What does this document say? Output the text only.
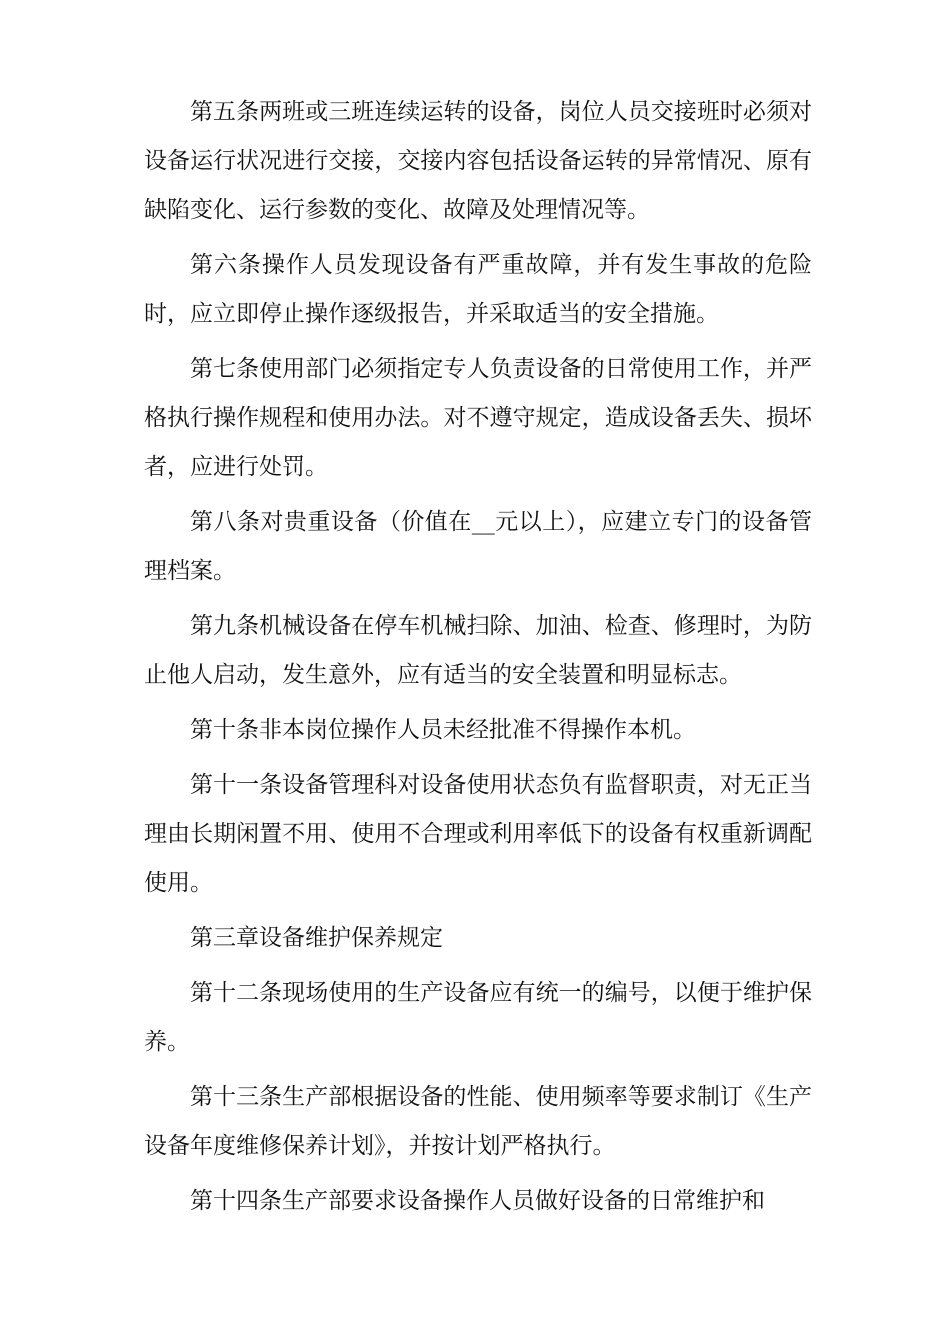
第五条两班或三班连续运转的设备，岗位人员交接班时必须对设备运行状况进行交接，交接内容包括设备运转的异常情况、原有缺陷变化、运行参数的变化、故障及处理情况等。

第六条操作人员发现设备有严重故障，并有发生事故的危险时，应立即停止操作逐级报告，并采取适当的安全措施。

第七条使用部门必须指定专人负责设备的日常使用工作，并严格执行操作规程和使用办法。对不遵守规定，造成设备丢失、损坏者，应进行处罚。

第八条对贵重设备（价值在__元以上），应建立专门的设备管理档案。

第九条机械设备在停车机械扫除、加油、检查、修理时，为防止他人启动，发生意外，应有适当的安全装置和明显标志。

第十条非本岗位操作人员未经批准不得操作本机。

第十一条设备管理科对设备使用状态负有监督职责，对无正当理由长期闲置不用、使用不合理或利用率低下的设备有权重新调配使用。

第三章设备维护保养规定

第十二条现场使用的生产设备应有统一的编号，以便于维护保养。

第十三条生产部根据设备的性能、使用频率等要求制订《生产设备年度维修保养计划》，并按计划严格执行。

第十四条生产部要求设备操作人员做好设备的日常维护和
